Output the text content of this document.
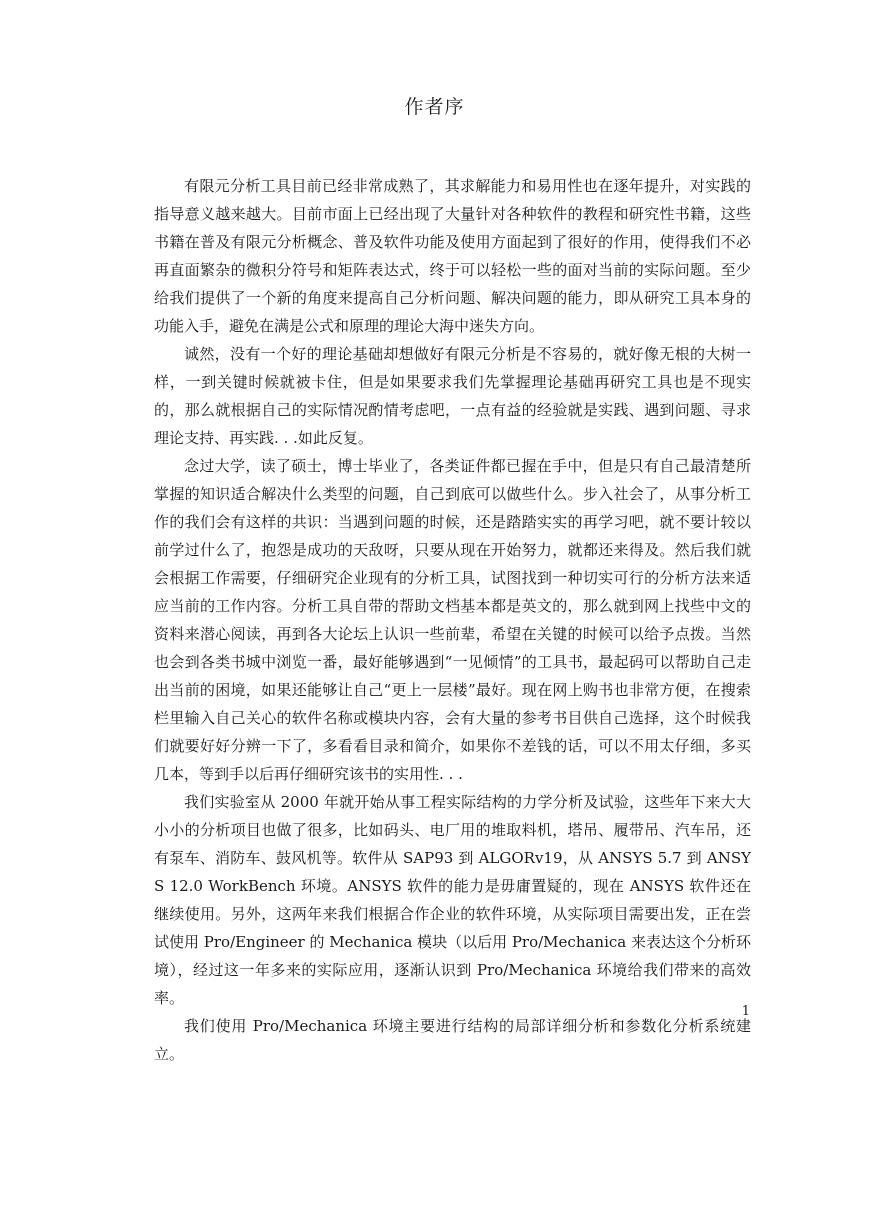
作者序

有限元分析工具目前已经非常成熟了，其求解能力和易用性也在逐年提升，对实践的指导意义越来越大。目前市面上已经出现了大量针对各种软件的教程和研究性书籍，这些书籍在普及有限元分析概念、普及软件功能及使用方面起到了很好的作用，使得我们不必再直面繁杂的微积分符号和矩阵表达式，终于可以轻松一些的面对当前的实际问题。至少给我们提供了一个新的角度来提高自己分析问题、解决问题的能力，即从研究工具本身的功能入手，避免在满是公式和原理的理论大海中迷失方向。

诚然，没有一个好的理论基础却想做好有限元分析是不容易的，就好像无根的大树一样，一到关键时候就被卡住，但是如果要求我们先掌握理论基础再研究工具也是不现实的，那么就根据自己的实际情况酌情考虑吧，一点有益的经验就是实践、遇到问题、寻求理论支持、再实践. . .如此反复。

念过大学，读了硕士，博士毕业了，各类证件都已握在手中，但是只有自己最清楚所掌握的知识适合解决什么类型的问题，自己到底可以做些什么。步入社会了，从事分析工作的我们会有这样的共识：当遇到问题的时候，还是踏踏实实的再学习吧，就不要计较以前学过什么了，抱怨是成功的天敌呀，只要从现在开始努力，就都还来得及。然后我们就会根据工作需要，仔细研究企业现有的分析工具，试图找到一种切实可行的分析方法来适应当前的工作内容。分析工具自带的帮助文档基本都是英文的，那么就到网上找些中文的资料来潜心阅读，再到各大论坛上认识一些前辈，希望在关键的时候可以给予点拨。当然也会到各类书城中浏览一番，最好能够遇到“一见倾情”的工具书，最起码可以帮助自己走出当前的困境，如果还能够让自己“更上一层楼”最好。现在网上购书也非常方便，在搜索栏里输入自己关心的软件名称或模块内容，会有大量的参考书目供自己选择，这个时候我们就要好好分辨一下了，多看看目录和简介，如果你不差钱的话，可以不用太仔细，多买几本，等到手以后再仔细研究该书的实用性. . .

我们实验室从 2000 年就开始从事工程实际结构的力学分析及试验，这些年下来大大小小的分析项目也做了很多，比如码头、电厂用的堆取料机，塔吊、履带吊、汽车吊，还有泵车、消防车、鼓风机等。软件从 SAP93 到 ALGORv19，从 ANSYS 5.7 到 ANSYS 12.0 WorkBench 环境。ANSYS 软件的能力是毋庸置疑的，现在 ANSYS 软件还在继续使用。另外，这两年来我们根据合作企业的软件环境，从实际项目需要出发，正在尝试使用 Pro/Engineer 的 Mechanica 模块（以后用 Pro/Mechanica 来表达这个分析环境），经过这一年多来的实际应用，逐渐认识到 Pro/Mechanica 环境给我们带来的高效率。

我们使用 Pro/Mechanica 环境主要进行结构的局部详细分析和参数化分析系统建立。

1
